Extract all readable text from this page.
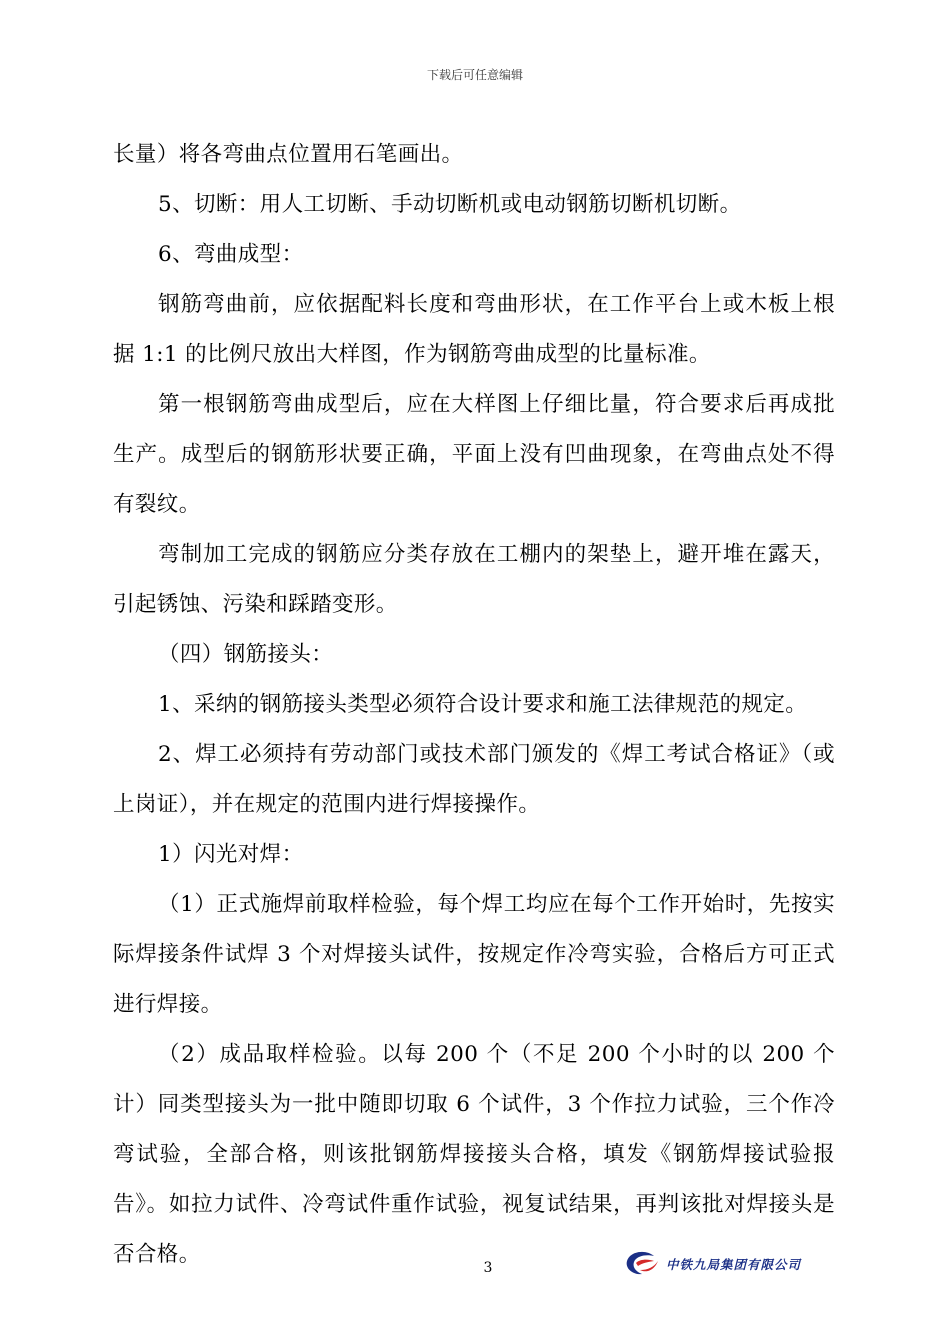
下载后可任意编辑

长量）将各弯曲点位置用石笔画出。

5、切断：用人工切断、手动切断机或电动钢筋切断机切断。

6、弯曲成型：

钢筋弯曲前，应依据配料长度和弯曲形状，在工作平台上或木板上根据 1:1 的比例尺放出大样图，作为钢筋弯曲成型的比量标准。

第一根钢筋弯曲成型后，应在大样图上仔细比量，符合要求后再成批生产。成型后的钢筋形状要正确，平面上没有凹曲现象，在弯曲点处不得有裂纹。

弯制加工完成的钢筋应分类存放在工棚内的架垫上，避开堆在露天，引起锈蚀、污染和踩踏变形。

（四）钢筋接头：

1、采纳的钢筋接头类型必须符合设计要求和施工法律规范的规定。

2、焊工必须持有劳动部门或技术部门颁发的《焊工考试合格证》（或上岗证），并在规定的范围内进行焊接操作。

1）闪光对焊：

（1）正式施焊前取样检验，每个焊工均应在每个工作开始时，先按实际焊接条件试焊 3 个对焊接头试件，按规定作冷弯实验，合格后方可正式进行焊接。

（2）成品取样检验。以每 200 个（不足 200 个小时的以 200 个计）同类型接头为一批中随即切取 6 个试件，3 个作拉力试验，三个作冷弯试验，全部合格，则该批钢筋焊接接头合格，填发《钢筋焊接试验报告》。如拉力试件、冷弯试件重作试验，视复试结果，再判该批对焊接头是否合格。

3	中铁九局集团有限公司
